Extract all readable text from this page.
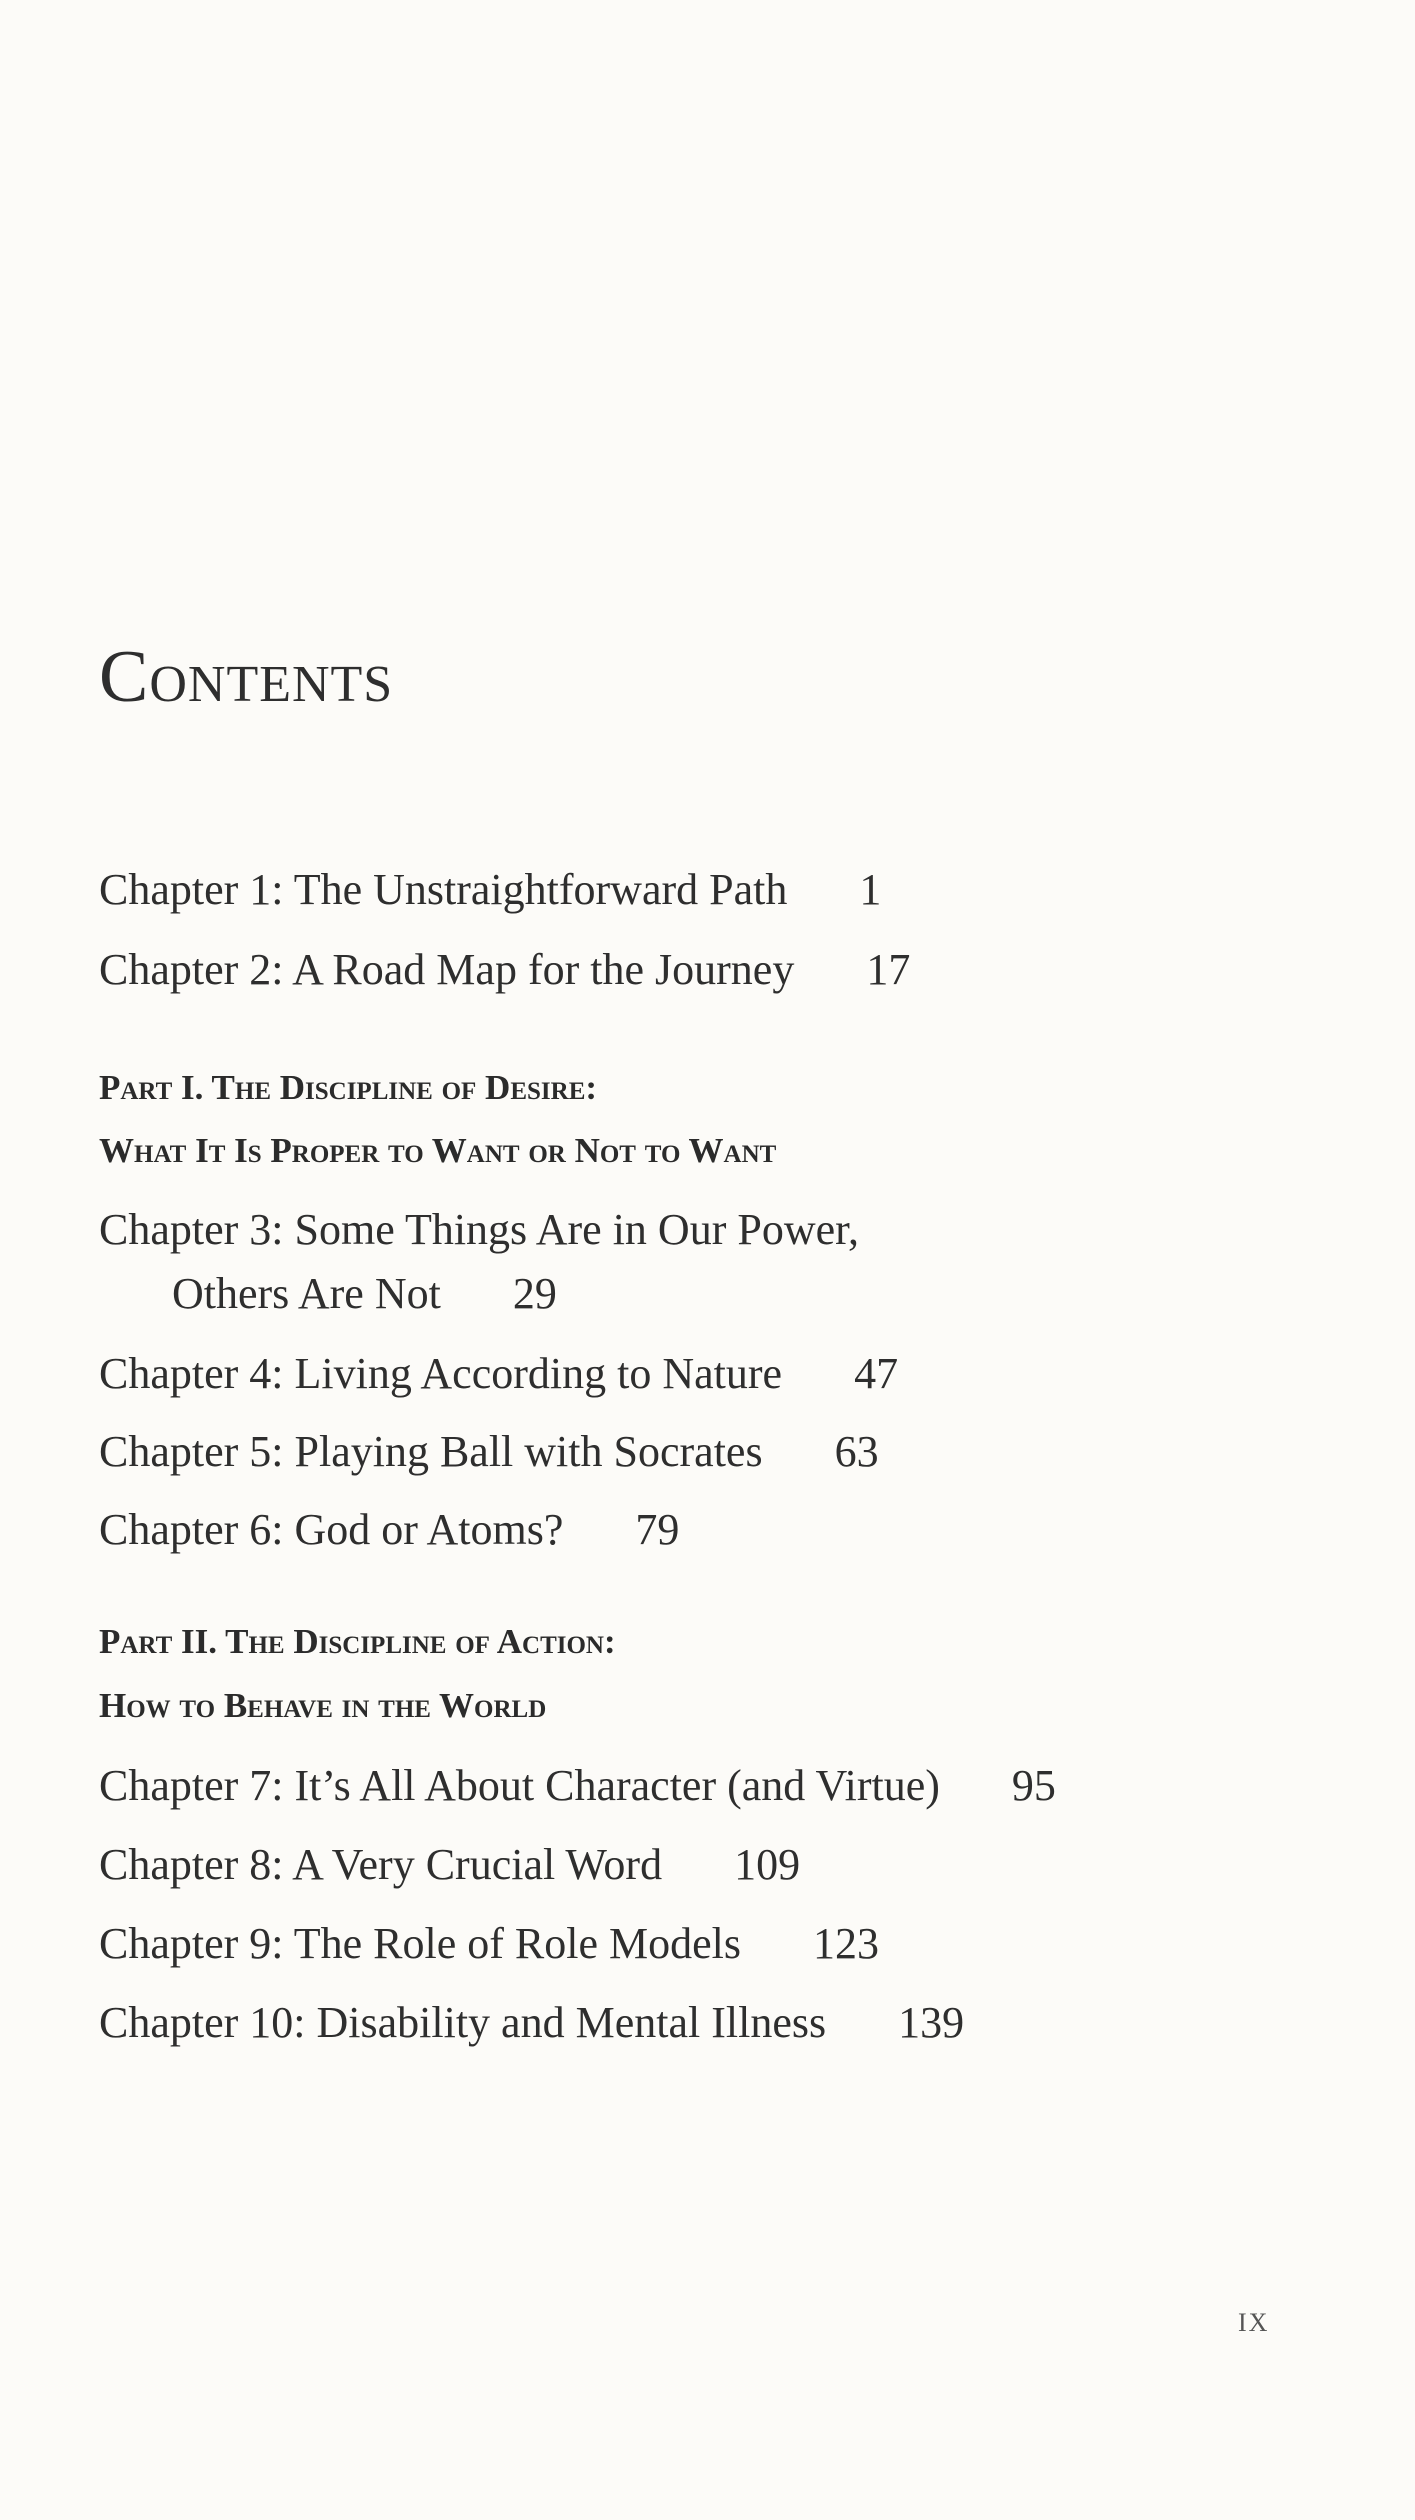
Contents
Chapter 1: The Unstraightforward Path 1
Chapter 2: A Road Map for the Journey 17
Part I. The Discipline of Desire:
What It Is Proper to Want or Not to Want
Chapter 3: Some Things Are in Our Power,
Others Are Not 29
Chapter 4: Living According to Nature 47
Chapter 5: Playing Ball with Socrates 63
Chapter 6: God or Atoms? 79
Part II. The Discipline of Action:
How to Behave in the World
Chapter 7: It’s All About Character (and Virtue) 95
Chapter 8: A Very Crucial Word 109
Chapter 9: The Role of Role Models 123
Chapter 10: Disability and Mental Illness 139
IX
